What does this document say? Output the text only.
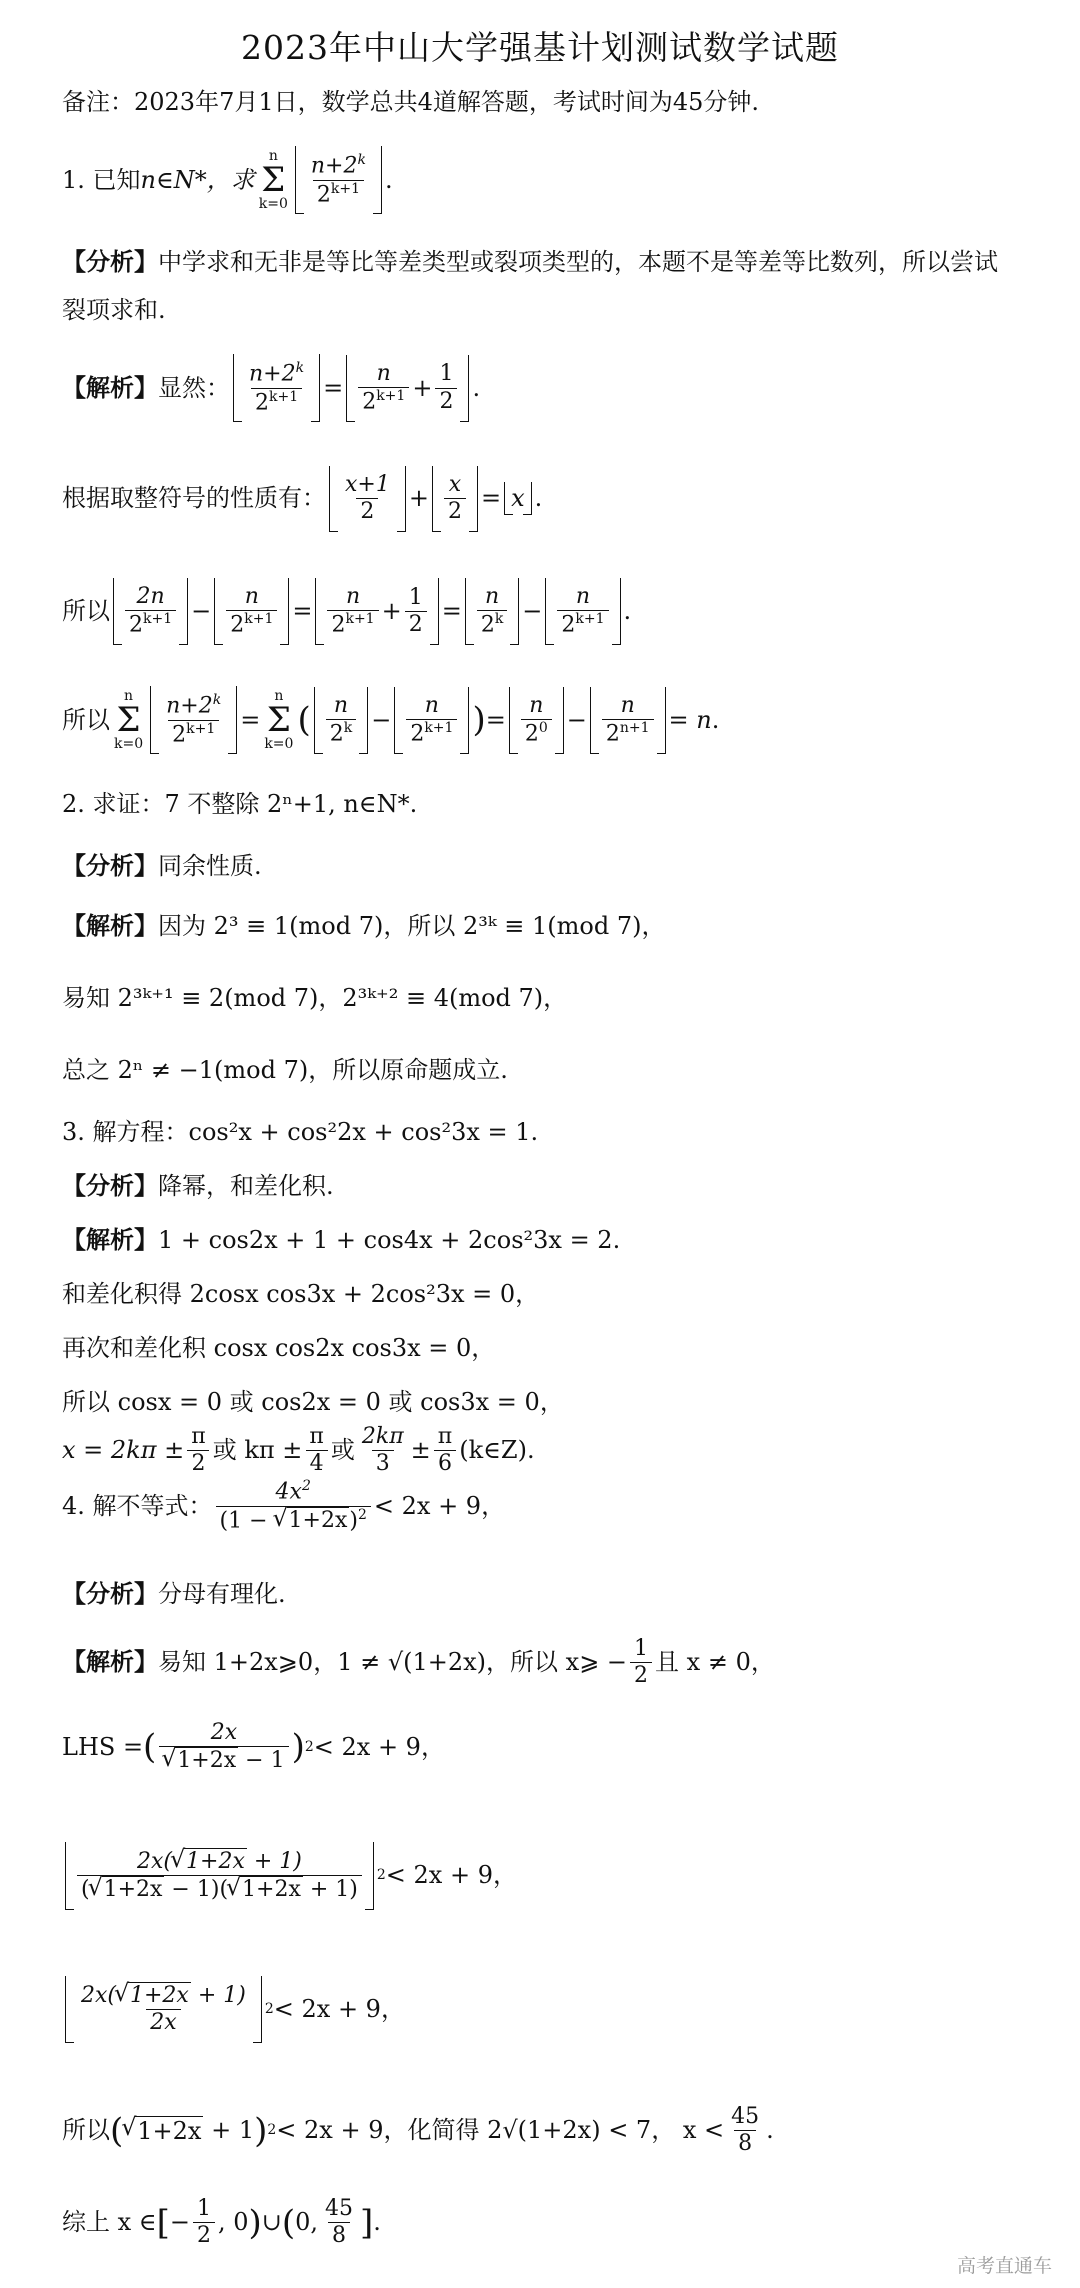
2023年中山大学强基计划测试数学试题
备注：2023年7月1日，数学总共4道解答题，考试时间为45分钟.
1. 已知 n∈N*，求
n
Σ
$k=0 \frac{n+2^k}{2^{k+1}}$ .
【分析】中学求和无非是等比等差类型或裂项类型的，本题不是等差等比数列，所以尝试裂项求和.
【解析】 显然： $\frac{n+2^k}{2^{k+1}} = \frac{n}{2^{k+1}} + \frac{1}{2}$ .
根据取整符号的性质有： $\frac{x+1}{2} + \frac{x}{2} = x$ .
所以 $\frac{2n}{2^{k+1}} - \frac{n}{2^{k+1}} = \frac{n}{2^{k+1}} + \frac{1}{2} = \frac{n}{2^k} - \frac{n}{2^{k+1}}$ .
所以
n
Σ
$k=0 \frac{n+2^k}{2^{k+1}}$ =
n
Σ
k=0
( $\frac{n}{2^k} - \frac{n}{2^{k+1}}$ ) = $\frac{n}{2^0} - \frac{n}{2^{n+1}} = n$ .
2. 求证：7 不整除 2ⁿ+1, n∈N*.
【分析】 同余性质.
【解析】 因为 2³ ≡ 1(mod 7)，所以 2³ᵏ ≡ 1(mod 7)，
易知 2³ᵏ⁺¹ ≡ 2(mod 7)，2³ᵏ⁺² ≡ 4(mod 7)，
总之 2ⁿ ≠ −1(mod 7)，所以原命题成立.
3. 解方程：cos²x + cos²2x + cos²3x = 1.
【分析】 降幂，和差化积.
【解析】 1 + cos2x + 1 + cos4x + 2cos²3x = 2.
和差化积得 2cosx cos3x + 2cos²3x = 0，
再次和差化积 cosx cos2x cos3x = 0，
所以 cosx = 0 或 cos2x = 0 或 cos3x = 0，
$x = 2k\pi \pm \frac{\pi}{2}$ 或 $k\pi \pm \frac{\pi}{4}$ 或 $\frac{2k\pi}{3} \pm \frac{\pi}{6}$ (k∈Z).
4. 解不等式： $\frac{4x^2}{(1 - √ 1+2x)^2} < 2x + 9$，
【分析】 分母有理化.
【解析】 易知 1+2x⩾0，1 ≠ √(1+2x)，所以 x⩾ − $\frac{1}{2}$ 且 x ≠ 0，
LHS = ( 2x
√ 1+2x − 1 ) 2 < 2x + 9，
$\frac{2x( √ 1+2x + 1)}{( √ 1+2x - 1)( √ 1+2x + 1)} 2 < 2x + 9$，
$\frac{2x( √ 1+2x + 1)}{2x} 2 < 2x + 9$，
所以 ( √ 1+2x + 1 ) 2 < 2x + 9，化简得 2√(1+2x) < 7， $x < \frac{45}{8}$ .
综上 x ∈ [ − $\frac{1}{2}$ , 0 ) ∪ ( 0, $\frac{45}{8}$ ] .
高考直通车
